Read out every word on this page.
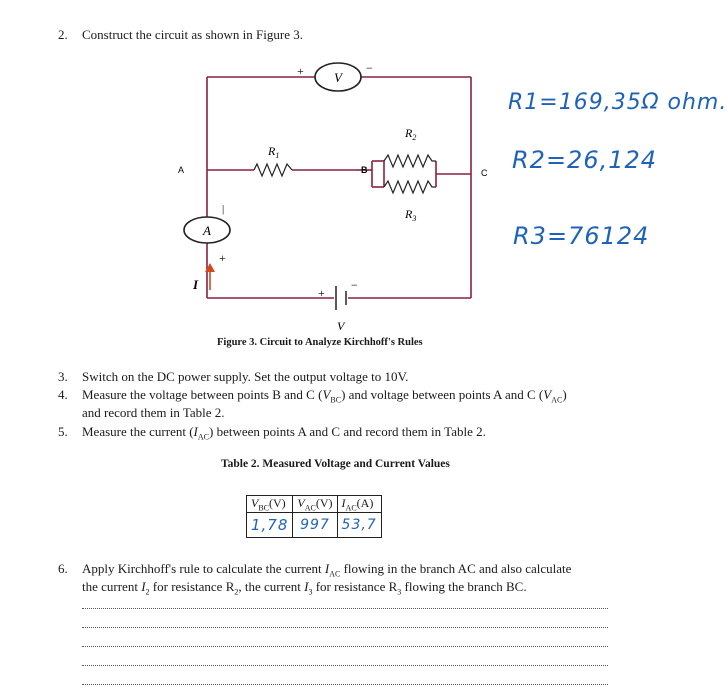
2. Construct the circuit as shown in Figure 3.
V
+	−
A
|
+
I
+
−
V
A	B	C
$R_1$
$R_2$
$R_3$
R1=169,35Ω ohm.
R2=26,124
R3=76124
Figure 3. Circuit to Analyze Kirchhoff's Rules
3. Switch on the DC power supply. Set the output voltage to 10V.
4. Measure the voltage between points B and C $(V_{BC})$ and voltage between points A and C $(V_{AC})$
and record them in Table 2.
5. Measure the current $(I_{AC})$ between points A and C and record them in Table 2.
Table 2. Measured Voltage and Current Values
$V_{BC}(V)$	$V_{AC}(V)$	$I_{AC}(A)$
1,78	997	53,7
6. Apply Kirchhoff's rule to calculate the current $I_{AC}$ flowing in the branch AC and also calculate
the current $I_2$ for resistance $R_2$, the current $I_3$ for resistance $R_3$ flowing the branch BC.
